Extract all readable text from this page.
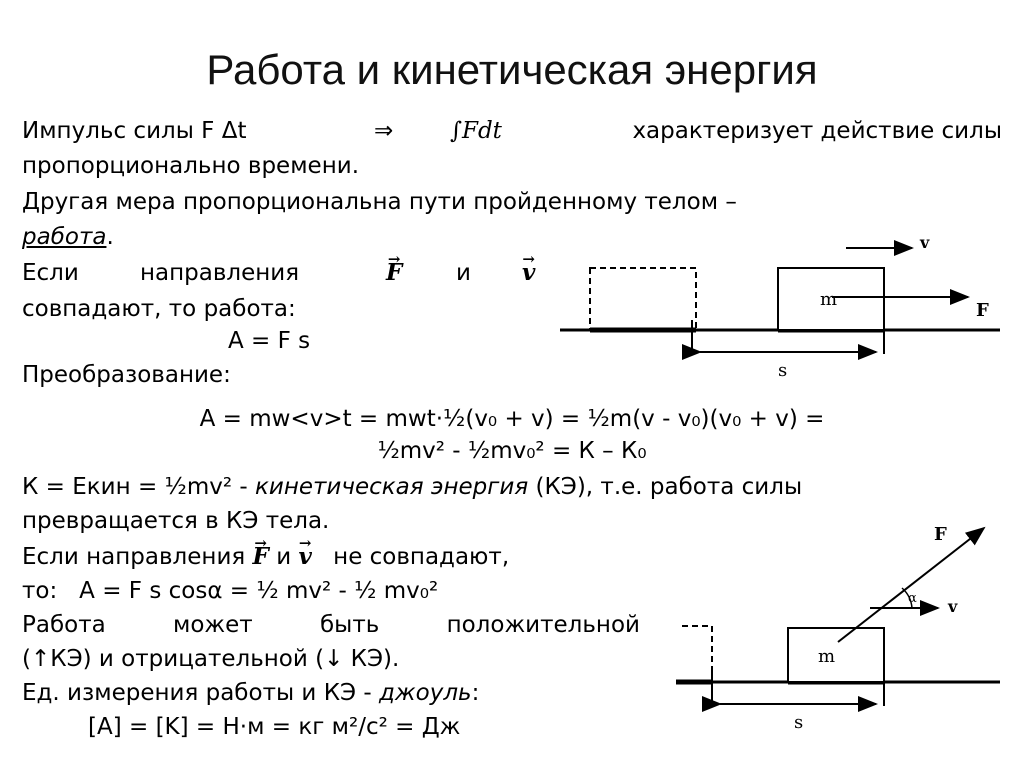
Работа и кинетическая энергия
Импульс силы F Δt	⇒ ∫Fdt	характеризует действие силы
пропорционально времени.
Другая мера пропорциональна пути пройденному телом –
работа.
Если	направления	→ F и → v
совпадают, то работа:
A = F s
Преобразование:
A = mw<v>t = mwt·½(v₀ + v) = ½m(v - v₀)(v₀ + v) =
½mv² - ½mv₀² = К – К₀
К = Eкин = ½mv² - кинетическая энергия (КЭ), т.е. работа силы
превращается в КЭ тела.
Если направления → F и → v не совпадают,
то:   A = F s cosα = ½ mv² - ½ mv₀²
Работа	может	быть	положительной
(↑КЭ) и отрицательной (↓ КЭ).
Ед. измерения работы и КЭ - джоуль:
[A] = [K] = Н·м = кг м²/с² = Дж
m
F
v
s
m
F
v
α
s
